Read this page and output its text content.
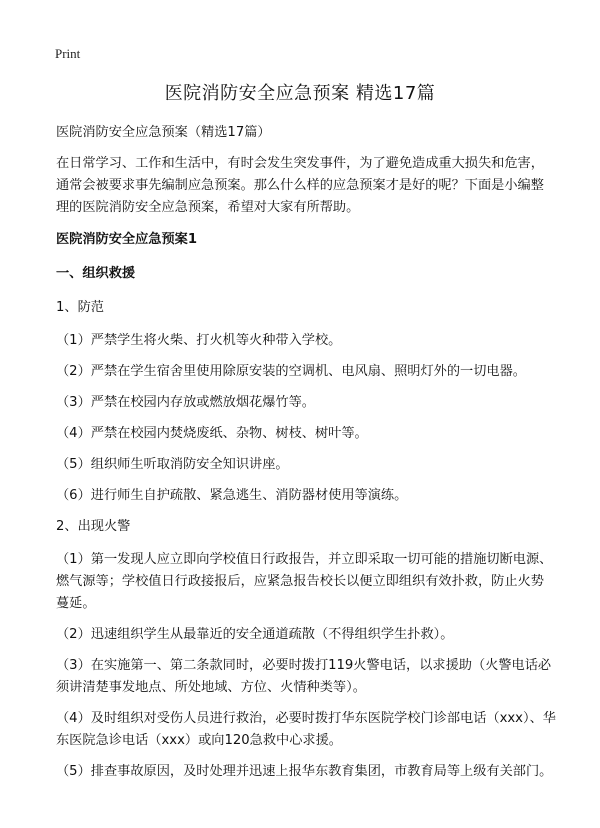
Print
医院消防安全应急预案 精选17篇

医院消防安全应急预案（精选17篇）

在日常学习、工作和生活中，有时会发生突发事件，为了避免造成重大损失和危害，通常会被要求事先编制应急预案。那么什么样的应急预案才是好的呢？下面是小编整理的医院消防安全应急预案，希望对大家有所帮助。

医院消防安全应急预案1
一、组织救援
1、防范
（1）严禁学生将火柴、打火机等火种带入学校。
（2）严禁在学生宿舍里使用除原安装的空调机、电风扇、照明灯外的一切电器。
（3）严禁在校园内存放或燃放烟花爆竹等。
（4）严禁在校园内焚烧废纸、杂物、树枝、树叶等。
（5）组织师生听取消防安全知识讲座。
（6）进行师生自护疏散、紧急逃生、消防器材使用等演练。
2、出现火警
（1）第一发现人应立即向学校值日行政报告，并立即采取一切可能的措施切断电源、燃气源等；学校值日行政接报后，应紧急报告校长以便立即组织有效扑救，防止火势蔓延。
（2）迅速组织学生从最靠近的安全通道疏散（不得组织学生扑救）。
（3）在实施第一、第二条款同时，必要时拨打119火警电话，以求援助（火警电话必须讲清楚事发地点、所处地域、方位、火情种类等）。
（4）及时组织对受伤人员进行救治，必要时拨打华东医院学校门诊部电话（xxx）、华东医院急诊电话（xxx）或向120急救中心求援。
（5）排查事故原因，及时处理并迅速上报华东教育集团，市教育局等上级有关部门。
